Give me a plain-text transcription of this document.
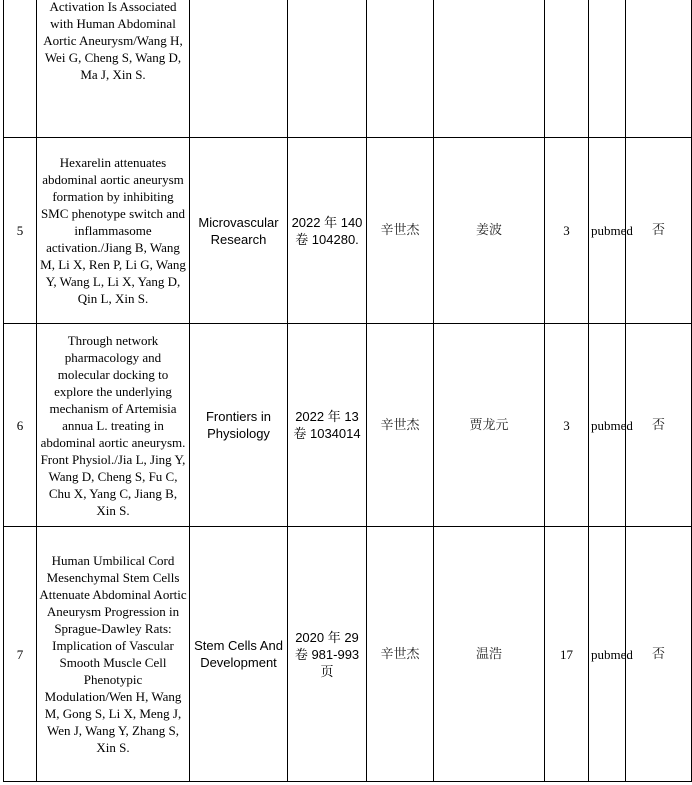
	Activation Is Associated with Human Abdominal Aortic Aneurysm/Wang H, Wei G, Cheng S, Wang D, Ma J, Xin S.							
5	Hexarelin attenuates abdominal aortic aneurysm formation by inhibiting SMC phenotype switch and inflammasome activation./Jiang B, Wang M, Li X, Ren P, Li G, Wang Y, Wang L, Li X, Yang D, Qin L, Xin S.	Microvascular Research	2022 年 140 卷 104280.	辛世杰	姜波	3	pubmed	否
6	Through network pharmacology and molecular docking to explore the underlying mechanism of Artemisia annua L. treating in abdominal aortic aneurysm. Front Physiol./Jia L, Jing Y, Wang D, Cheng S, Fu C, Chu X, Yang C, Jiang B, Xin S.	Frontiers in Physiology	2022 年 13 卷 1034014	辛世杰	贾龙元	3	pubmed	否
7	Human Umbilical Cord Mesenchymal Stem Cells Attenuate Abdominal Aortic Aneurysm Progression in Sprague-Dawley Rats: Implication of Vascular Smooth Muscle Cell Phenotypic Modulation/Wen H, Wang M, Gong S, Li X, Meng J, Wen J, Wang Y, Zhang S, Xin S.	Stem Cells And Development	2020 年 29 卷 981-993 页	辛世杰	温浩	17	pubmed	否
